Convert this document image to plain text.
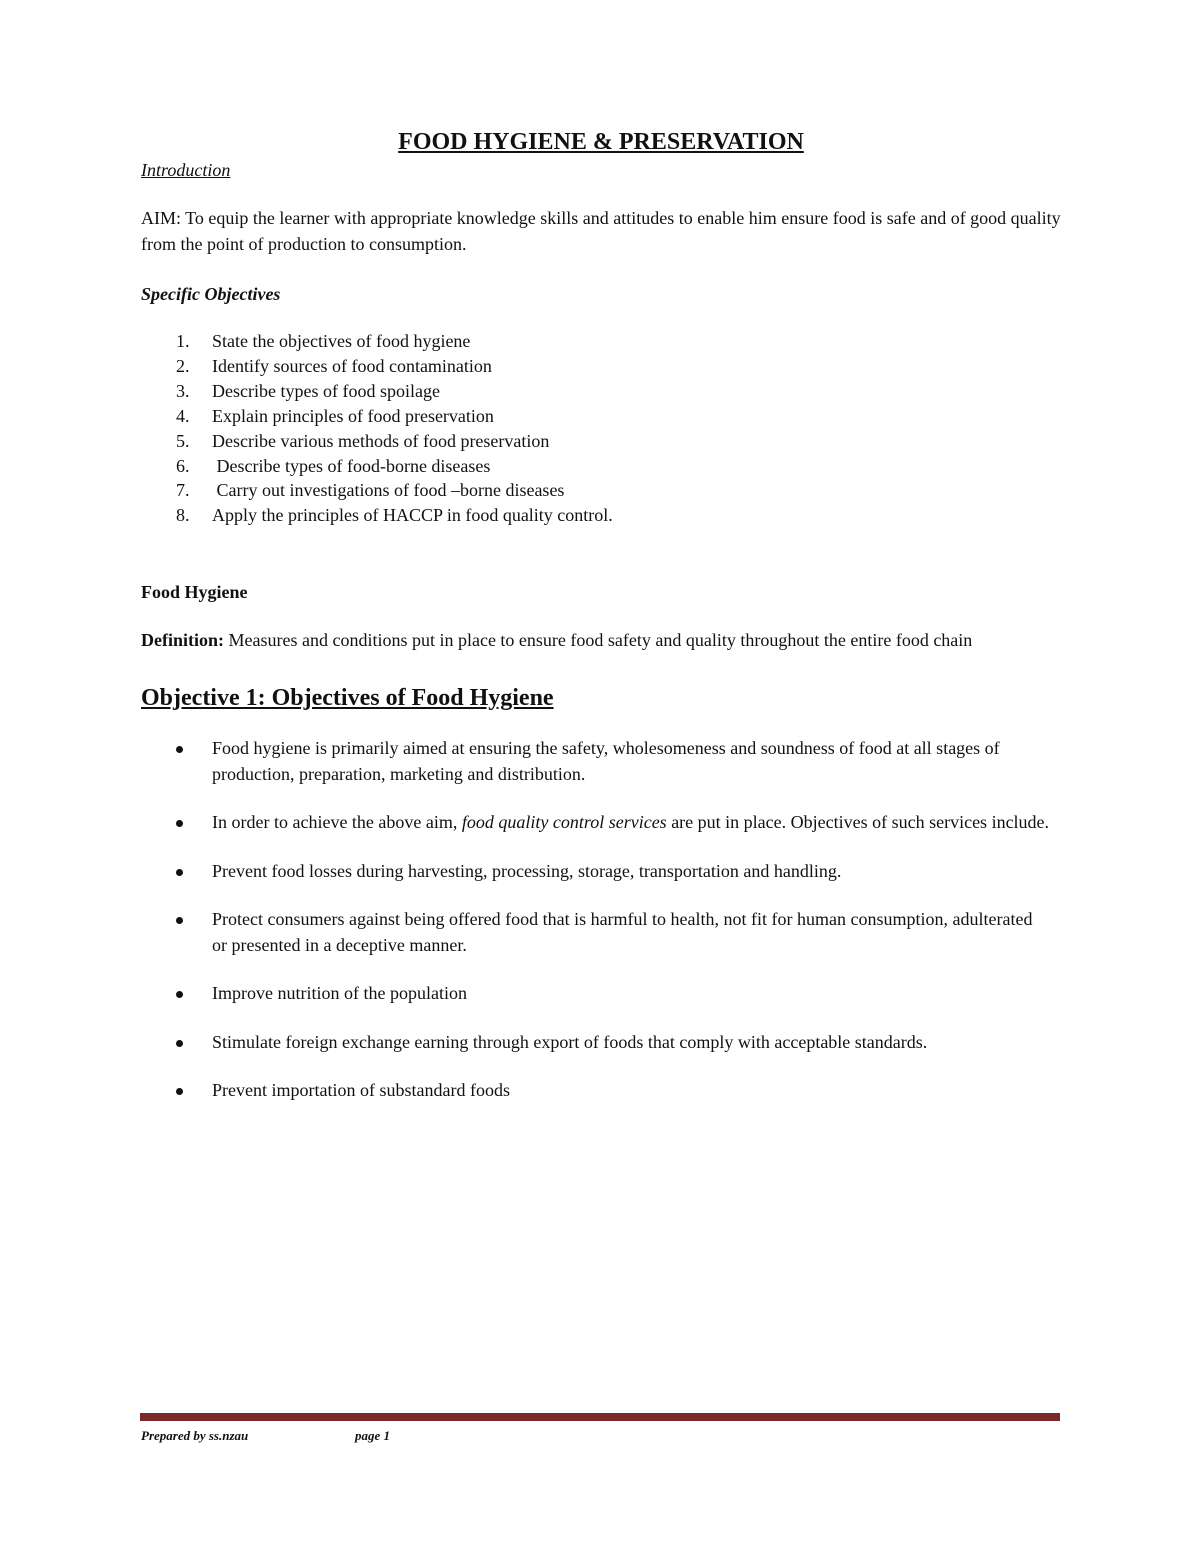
FOOD HYGIENE & PRESERVATION

Introduction

AIM: To equip the learner with appropriate knowledge skills and attitudes to enable him ensure food is safe and of good quality from the point of production to consumption.

Specific Objectives

1. State the objectives of food hygiene
2. Identify sources of food contamination
3. Describe types of food spoilage
4. Explain principles of food preservation
5. Describe various methods of food preservation
6. Describe types of food-borne diseases
7. Carry out investigations of food –borne diseases
8. Apply the principles of HACCP in food quality control.

Food Hygiene

Definition: Measures and conditions put in place to ensure food safety and quality throughout the entire food chain

Objective 1: Objectives of Food Hygiene
Food hygiene is primarily aimed at ensuring the safety, wholesomeness and soundness of food at all stages of production, preparation, marketing and distribution.
In order to achieve the above aim, food quality control services are put in place. Objectives of such services include.
Prevent food losses during harvesting, processing, storage, transportation and handling.
Protect consumers against being offered food that is harmful to health, not fit for human consumption, adulterated or presented in a deceptive manner.
Improve nutrition of the population
Stimulate foreign exchange earning through export of foods that comply with acceptable standards.
Prevent importation of substandard foods
Prepared by ss.nzau	page 1
